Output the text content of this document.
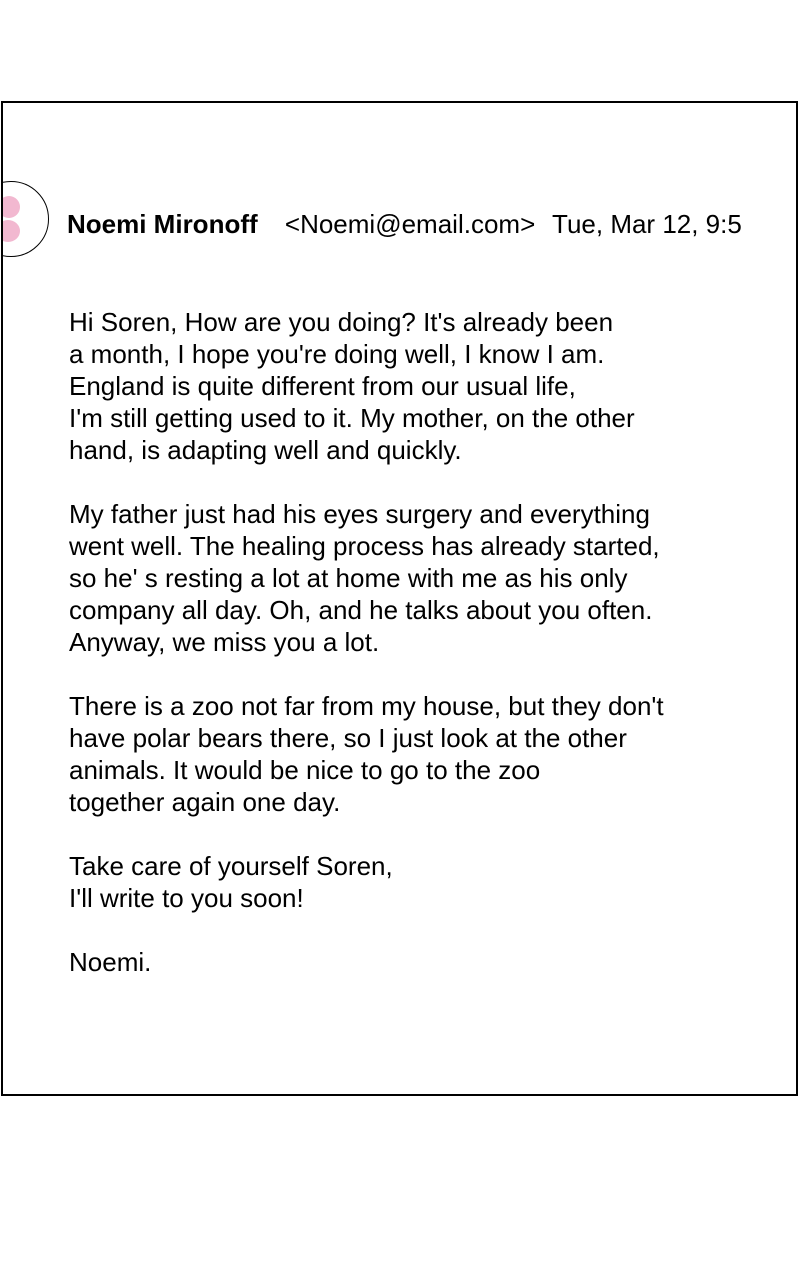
Noemi Mironoff <Noemi@email.com> Tue, Mar 12, 9:5

Hi Soren, How are you doing? It's already been
a month, I hope you're doing well, I know I am.
England is quite different from our usual life,
I'm still getting used to it. My mother, on the other
hand, is adapting well and quickly.

My father just had his eyes surgery and everything
went well. The healing process has already started,
so he' s resting a lot at home with me as his only
company all day. Oh, and he talks about you often.
Anyway, we miss you a lot.

There is a zoo not far from my house, but they don't
have polar bears there, so I just look at the other
animals. It would be nice to go to the zoo
together again one day.

Take care of yourself Soren,
I'll write to you soon!

Noemi.
